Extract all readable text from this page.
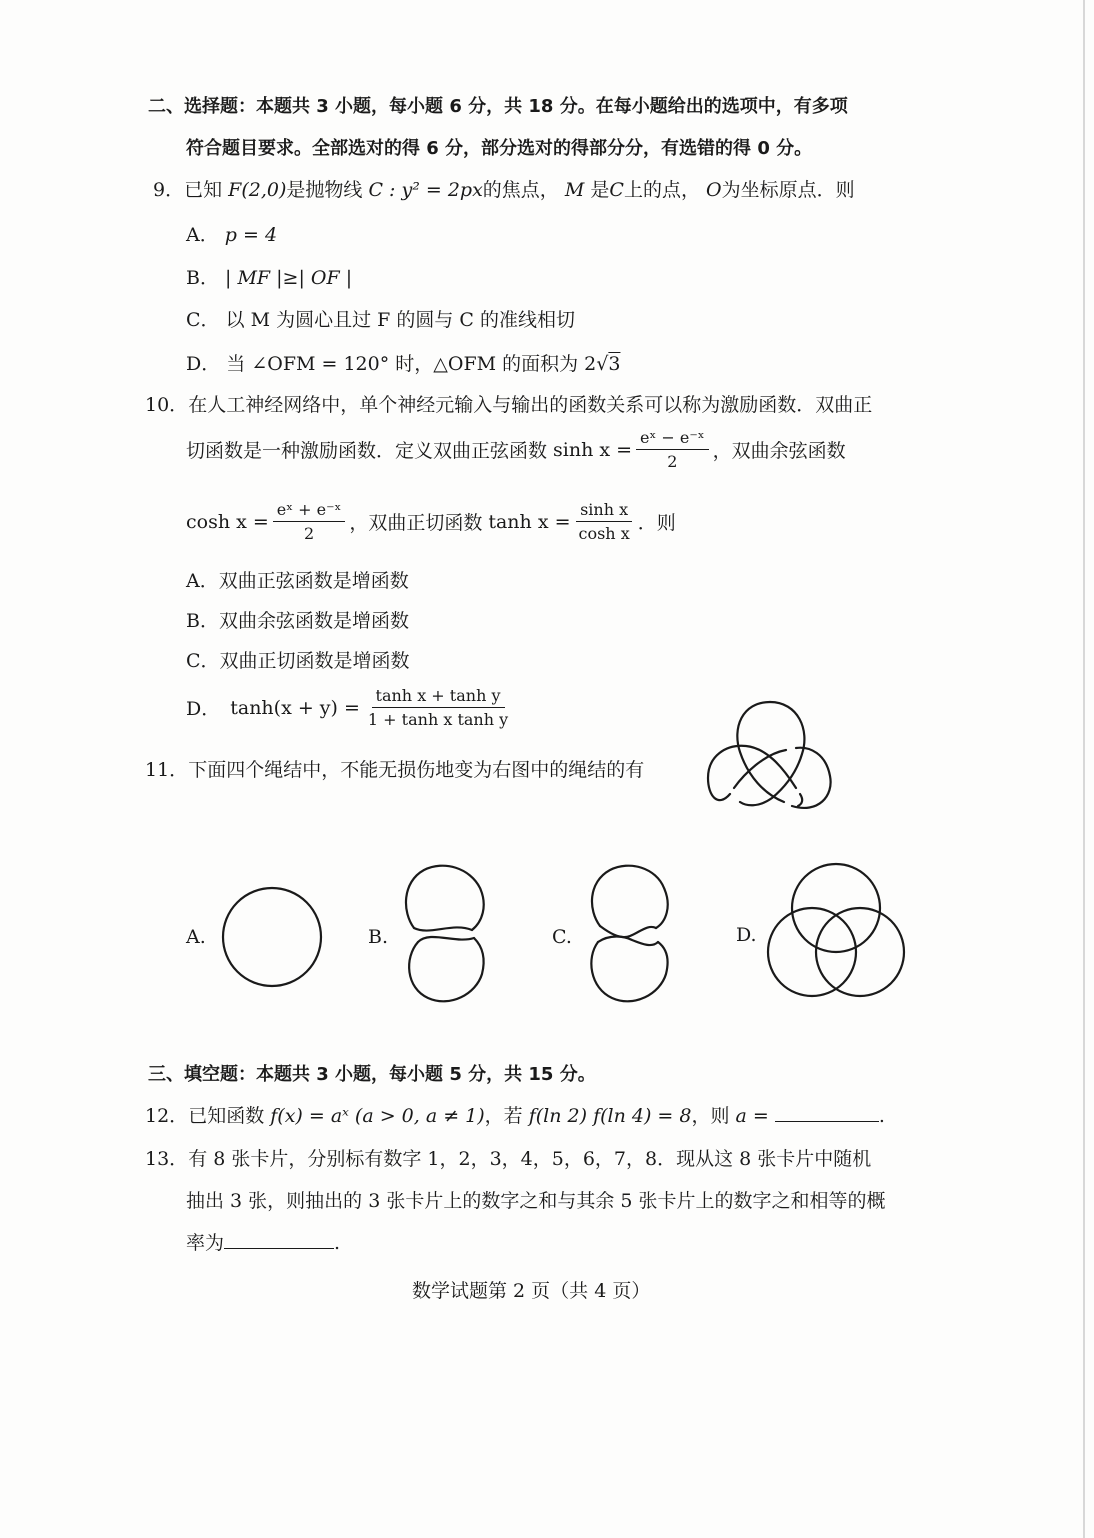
二、选择题：本题共 3 小题，每小题 6 分，共 18 分。在每小题给出的选项中，有多项
符合题目要求。全部选对的得 6 分，部分选对的得部分分，有选错的得 0 分。
9．已知 F(2,0)是抛物线 C : y² = 2px的焦点， M 是C上的点， O为坐标原点．则
A． p = 4
B． | MF |≥| OF |
C． 以 M 为圆心且过 F 的圆与 C 的准线相切
D． 当 ∠OFM = 120° 时，△OFM 的面积为 2√3
10．在人工神经网络中，单个神经元输入与输出的函数关系可以称为激励函数．双曲正
切函数是一种激励函数．定义双曲正弦函数 $\sinh x = \frac{\text{eˣ − e⁻ˣ}}{2}$ ，双曲余弦函数
$\cosh x = \frac{\text{eˣ + e⁻ˣ}}{2}$ ，双曲正切函数 $\tanh x = \frac{\text{sinh x}}{\text{cosh x}}$ ．则
A．双曲正弦函数是增函数
B．双曲余弦函数是增函数
C．双曲正切函数是增函数
D． $\tanh(x + y) = \frac{\text{tanh x + tanh y}}{\text{1 + tanh x tanh y}}$
11．下面四个绳结中，不能无损伤地变为右图中的绳结的有
A.	B.	C.	D.
三、填空题：本题共 3 小题，每小题 5 分，共 15 分。
12．已知函数 f(x) = aˣ (a > 0, a ≠ 1)，若 f(ln 2) f(ln 4) = 8，则 a =	.
13．有 8 张卡片，分别标有数字 1，2，3，4，5，6，7，8．现从这 8 张卡片中随机
抽出 3 张，则抽出的 3 张卡片上的数字之和与其余 5 张卡片上的数字之和相等的概
率为	.
数学试题第 2 页（共 4 页）
